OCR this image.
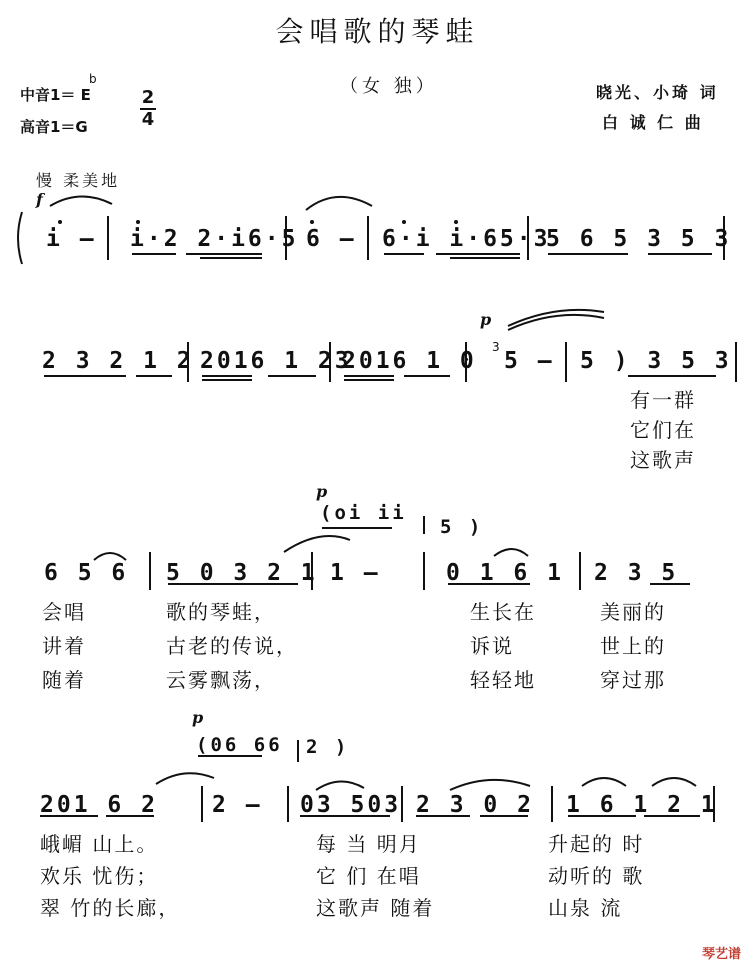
会唱歌的琴蛙
（女 独）	晓光、小琦 词
白 诚 仁 曲
中音1＝ E
b
高音1＝G
2
4
慢 柔美地
f
p
p
p
i – i·2 2·i6·5 6 – 6·i i·65·3
5 6 5 3 5 3
2 3 2 1 2 2016 1 23
2016 1 0
3
5 – 5 ) 3 5 3
有一群
它们在
这歌声
(oi ii
5 )
6 5 6 5 0 3 2 1 1 –	0 1 6 1 2 3 5
会唱	歌的琴蛙，	生长在	美丽的
讲着	古老的传说，	诉说	世上的
随着	云雾飘荡，	轻轻地	穿过那
(06 66 2 )
201 6 2 2 – 03 503 2 3 0 2 1 6 1 2 1
峨嵋 山上。	每 当 明月	升起的 时
欢乐 忧伤；	它 们 在唱	动听的 歌
翠 竹的长廊，	这歌声 随着	山泉 流
琴艺谱
